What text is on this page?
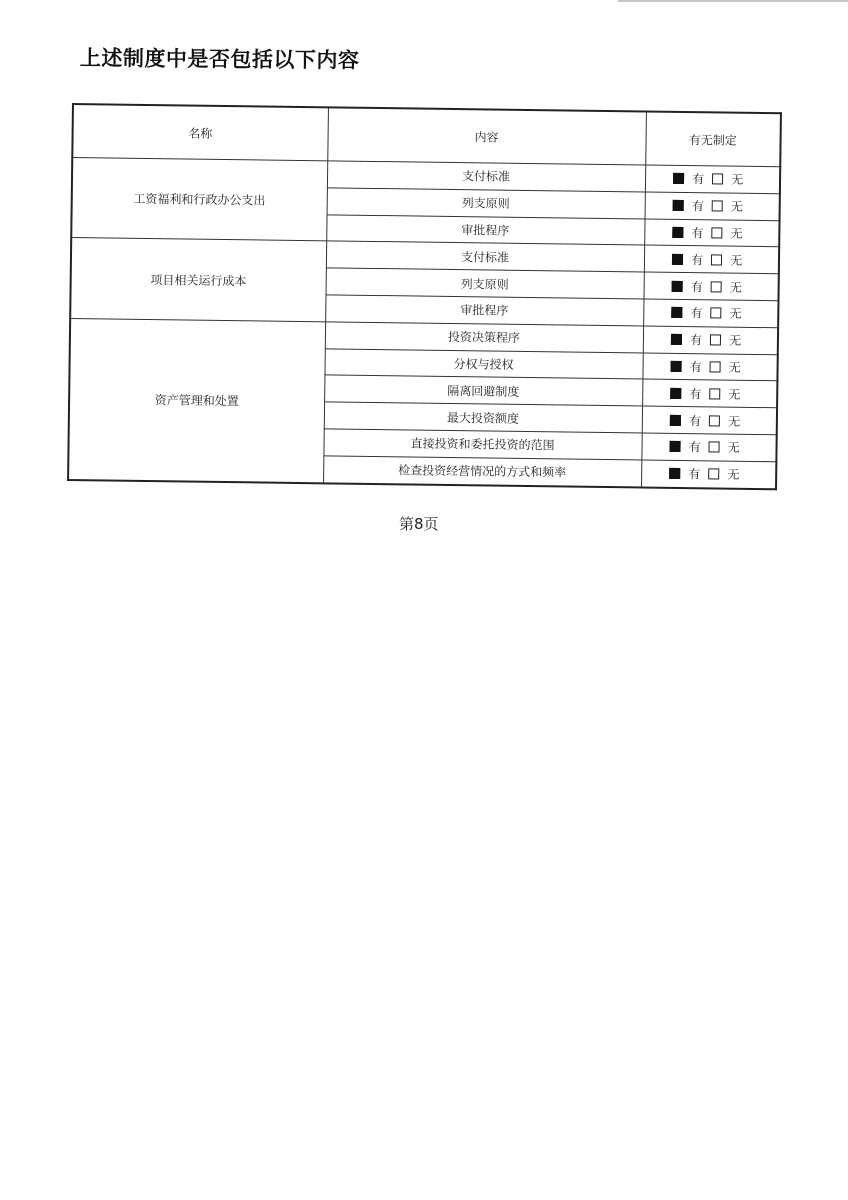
上述制度中是否包括以下内容
名称	内容	有无制定
工资福利和行政办公支出	支付标准	有 无
	列支原则	有 无
	审批程序	有 无
项目相关运行成本	支付标准	有 无
	列支原则	有 无
	审批程序	有 无
资产管理和处置	投资决策程序	有 无
	分权与授权	有 无
	隔离回避制度	有 无
	最大投资额度	有 无
	直接投资和委托投资的范围	有 无
	检查投资经营情况的方式和频率	有 无
第8页
